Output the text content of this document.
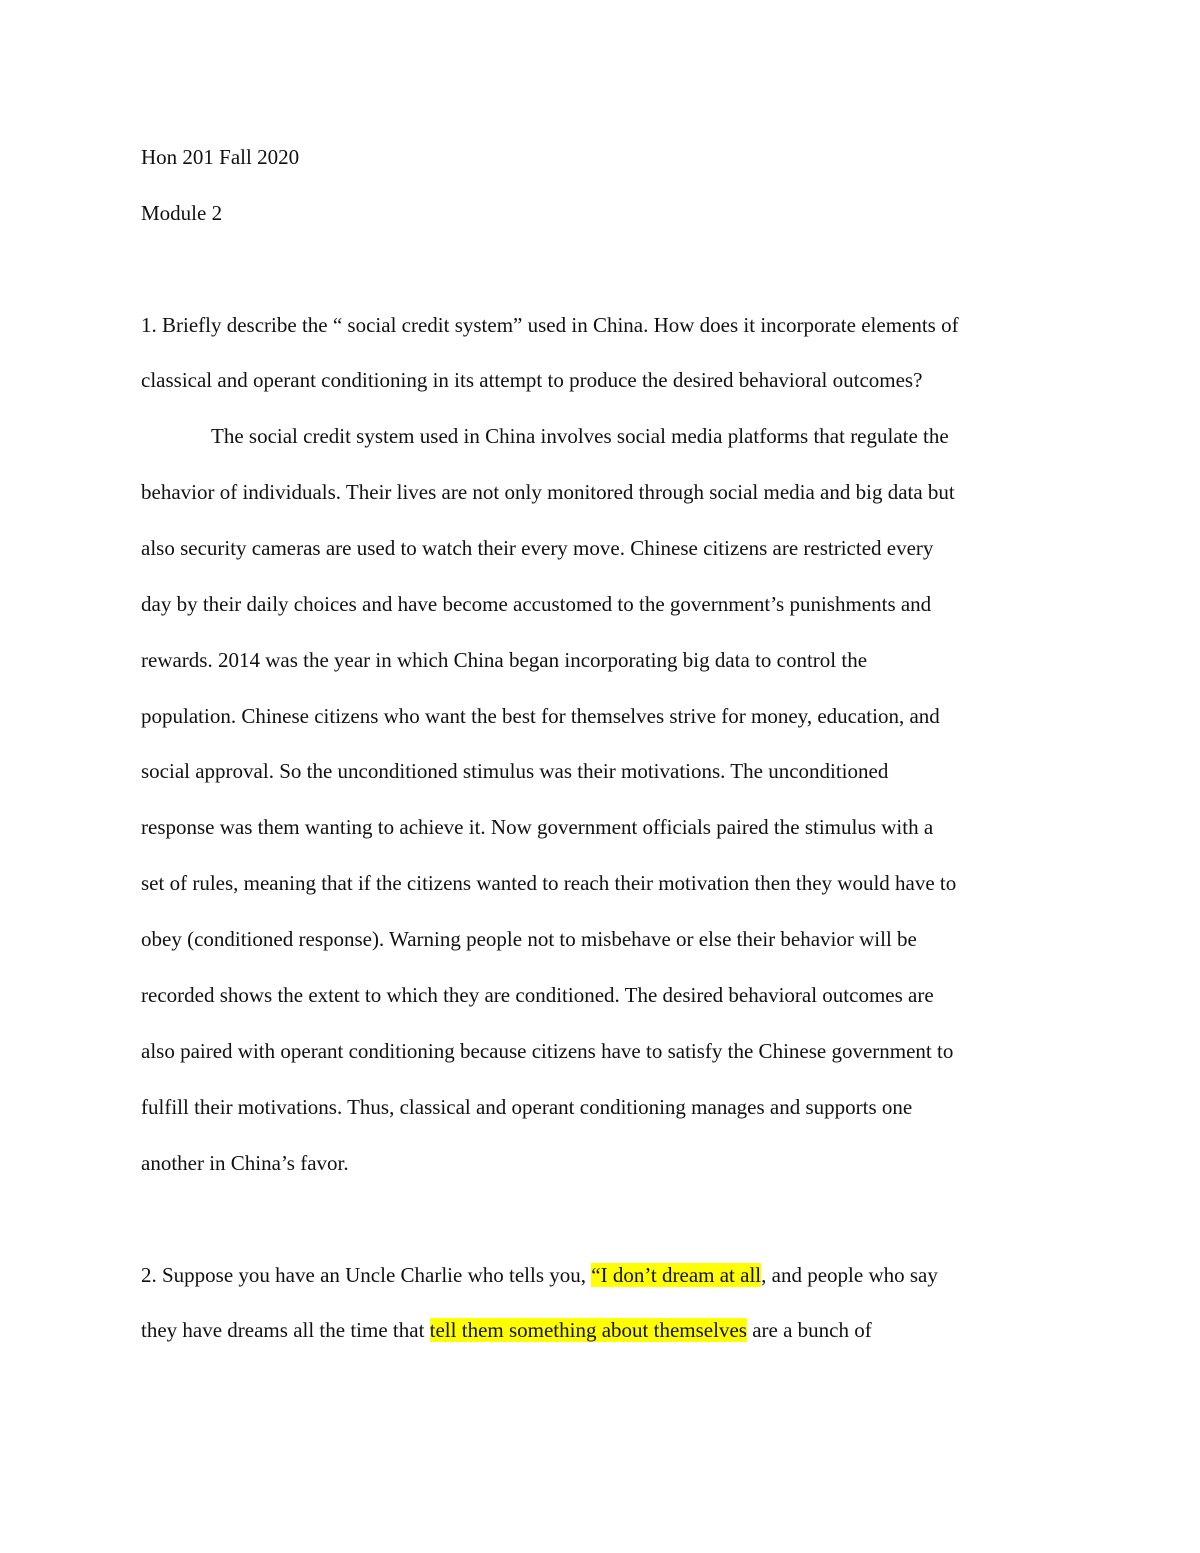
Hon 201 Fall 2020
Module 2
1. Briefly describe the “ social credit system” used in China. How does it incorporate elements of
classical and operant conditioning in its attempt to produce the desired behavioral outcomes?
The social credit system used in China involves social media platforms that regulate the
behavior of individuals. Their lives are not only monitored through social media and big data but
also security cameras are used to watch their every move. Chinese citizens are restricted every
day by their daily choices and have become accustomed to the government’s punishments and
rewards. 2014 was the year in which China began incorporating big data to control the
population. Chinese citizens who want the best for themselves strive for money, education, and
social approval. So the unconditioned stimulus was their motivations. The unconditioned
response was them wanting to achieve it. Now government officials paired the stimulus with a
set of rules, meaning that if the citizens wanted to reach their motivation then they would have to
obey (conditioned response). Warning people not to misbehave or else their behavior will be
recorded shows the extent to which they are conditioned. The desired behavioral outcomes are
also paired with operant conditioning because citizens have to satisfy the Chinese government to
fulfill their motivations. Thus, classical and operant conditioning manages and supports one
another in China’s favor.
2. Suppose you have an Uncle Charlie who tells you, “I don’t dream at all, and people who say
they have dreams all the time that tell them something about themselves are a bunch of
